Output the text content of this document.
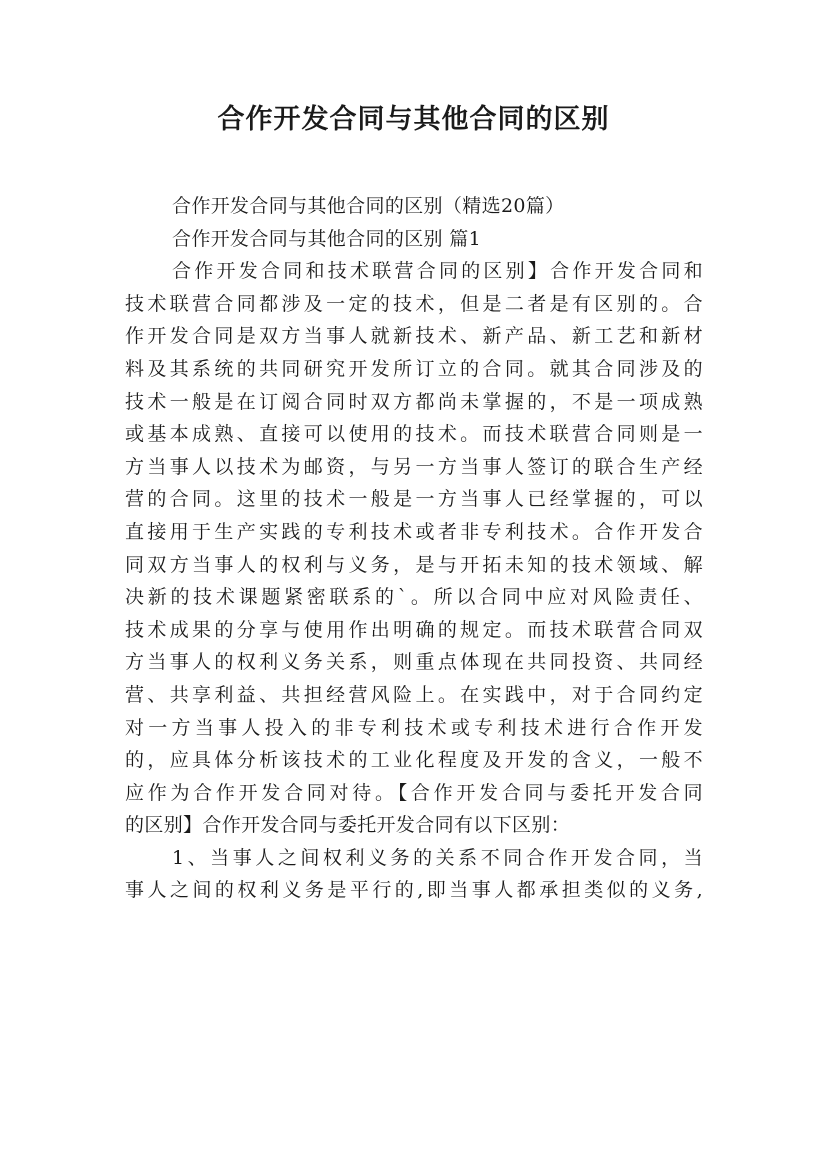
合作开发合同与其他合同的区别
合作开发合同与其他合同的区别（精选20篇）
合作开发合同与其他合同的区别 篇1
合作开发合同和技术联营合同的区别】合作开发合同和
技术联营合同都涉及一定的技术，但是二者是有区别的。合
作开发合同是双方当事人就新技术、新产品、新工艺和新材
料及其系统的共同研究开发所订立的合同。就其合同涉及的
技术一般是在订阅合同时双方都尚未掌握的，不是一项成熟
或基本成熟、直接可以使用的技术。而技术联营合同则是一
方当事人以技术为邮资，与另一方当事人签订的联合生产经
营的合同。这里的技术一般是一方当事人已经掌握的，可以
直接用于生产实践的专利技术或者非专利技术。合作开发合
同双方当事人的权利与义务，是与开拓未知的技术领域、解
决新的技术课题紧密联系的`。所以合同中应对风险责任、
技术成果的分享与使用作出明确的规定。而技术联营合同双
方当事人的权利义务关系，则重点体现在共同投资、共同经
营、共享利益、共担经营风险上。在实践中，对于合同约定
对一方当事人投入的非专利技术或专利技术进行合作开发
的，应具体分析该技术的工业化程度及开发的含义，一般不
应作为合作开发合同对待。【合作开发合同与委托开发合同
的区别】合作开发合同与委托开发合同有以下区别：
1、当事人之间权利义务的关系不同合作开发合同，当
事人之间的权利义务是平行的,即当事人都承担类似的义务,
